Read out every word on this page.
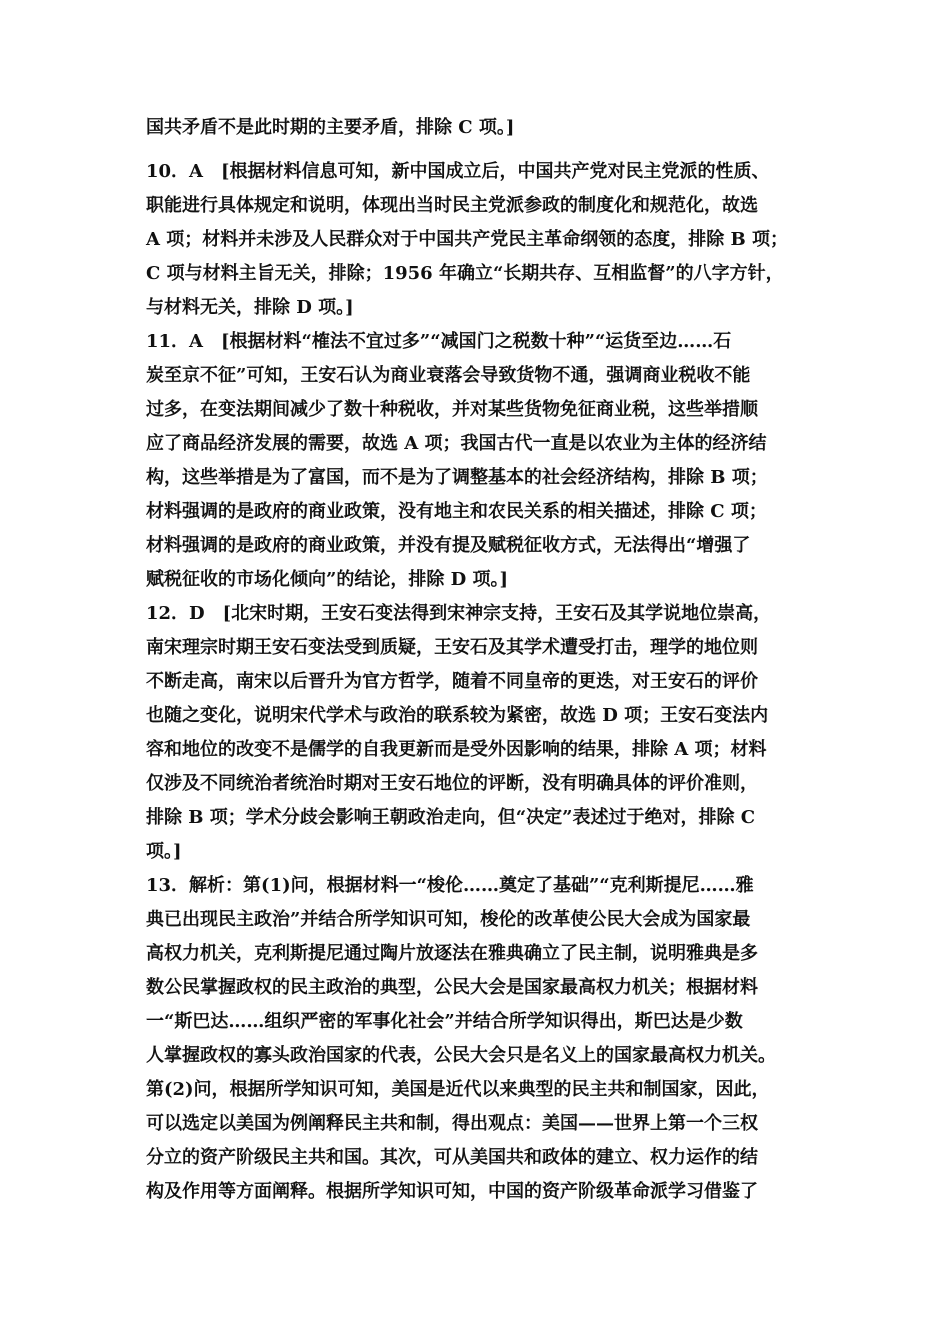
国共矛盾不是此时期的主要矛盾，排除 C 项。]
10．A　[根据材料信息可知，新中国成立后，中国共产党对民主党派的性质、
职能进行具体规定和说明，体现出当时民主党派参政的制度化和规范化，故选
A 项；材料并未涉及人民群众对于中国共产党民主革命纲领的态度，排除 B 项；
C 项与材料主旨无关，排除；1956 年确立“长期共存、互相监督”的八字方针，
与材料无关，排除 D 项。]
11．A　[根据材料“榷法不宜过多”“减国门之税数十种”“运货至边……石
炭至京不征”可知，王安石认为商业衰落会导致货物不通，强调商业税收不能
过多，在变法期间减少了数十种税收，并对某些货物免征商业税，这些举措顺
应了商品经济发展的需要，故选 A 项；我国古代一直是以农业为主体的经济结
构，这些举措是为了富国，而不是为了调整基本的社会经济结构，排除 B 项；
材料强调的是政府的商业政策，没有地主和农民关系的相关描述，排除 C 项；
材料强调的是政府的商业政策，并没有提及赋税征收方式，无法得出“增强了
赋税征收的市场化倾向”的结论，排除 D 项。]
12．D　[北宋时期，王安石变法得到宋神宗支持，王安石及其学说地位崇高，
南宋理宗时期王安石变法受到质疑，王安石及其学术遭受打击，理学的地位则
不断走高，南宋以后晋升为官方哲学，随着不同皇帝的更迭，对王安石的评价
也随之变化，说明宋代学术与政治的联系较为紧密，故选 D 项；王安石变法内
容和地位的改变不是儒学的自我更新而是受外因影响的结果，排除 A 项；材料
仅涉及不同统治者统治时期对王安石地位的评断，没有明确具体的评价准则，
排除 B 项；学术分歧会影响王朝政治走向，但“决定”表述过于绝对，排除 C
项。]
13．解析：第(1)问，根据材料一“梭伦……奠定了基础”“克利斯提尼……雅
典已出现民主政治”并结合所学知识可知，梭伦的改革使公民大会成为国家最
高权力机关，克利斯提尼通过陶片放逐法在雅典确立了民主制，说明雅典是多
数公民掌握政权的民主政治的典型，公民大会是国家最高权力机关；根据材料
一“斯巴达……组织严密的军事化社会”并结合所学知识得出，斯巴达是少数
人掌握政权的寡头政治国家的代表，公民大会只是名义上的国家最高权力机关。
第(2)问，根据所学知识可知，美国是近代以来典型的民主共和制国家，因此，
可以选定以美国为例阐释民主共和制，得出观点：美国——世界上第一个三权
分立的资产阶级民主共和国。其次，可从美国共和政体的建立、权力运作的结
构及作用等方面阐释。根据所学知识可知，中国的资产阶级革命派学习借鉴了
